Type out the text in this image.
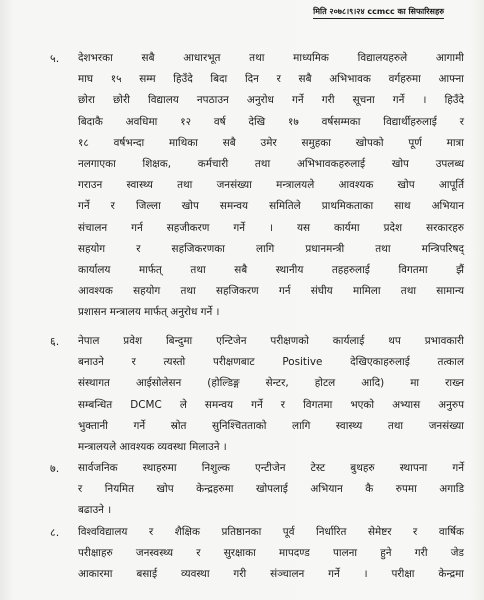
मिति २०७८।९।२४ ccmcc का सिफारिसहरु
५. देशभरका सबै आधारभूत तथा माध्यमिक विद्यालयहरुले आगामी

माघ १५ सम्म हिउँदे बिदा दिन र सबै अभिभावक वर्गहरुमा आफ्ना

छोरा छोरी विद्यालय नपठाउन अनुरोध गर्ने गरी सूचना गर्ने । हिउँदे

बिदाकै अवधिमा १२ वर्ष देखि १७ वर्षसम्मका विद्यार्थीहरुलाई र

१८ वर्षभन्दा माथिका सबै उमेर समुहका खोपको पूर्ण मात्रा

नलगाएका शिक्षक, कर्मचारी तथा अभिभावकहरुलाई खोप उपलब्ध

गराउन स्वास्थ्य तथा जनसंख्या मन्त्रालयले आवश्यक खोप आपूर्ति

गर्ने र जिल्ला खोप समन्वय समितिले प्राथमिकताका साथ अभियान

संचालन गर्न सहजीकरण गर्ने । यस कार्यमा प्रदेश सरकारहरु

सहयोग र सहजिकरणका लागि प्रधानमन्त्री तथा मन्त्रिपरिषद्

कार्यालय मार्फत् तथा सबै स्थानीय तहहरुलाई विगतमा झैं

आवश्यक सहयोग तथा सहजिकरण गर्न संघीय मामिला तथा सामान्य

प्रशासन मन्त्रालय मार्फत् अनुरोध गर्ने ।

६. नेपाल प्रवेश बिन्दुमा एन्टिजेन परीक्षणको कार्यलाई थप प्रभावकारी

बनाउने र त्यस्तो परीक्षणबाट Positive देखिएकाहरुलाई तत्काल

संस्थागत आईसोलेसन (होल्डिङ्ग सेन्टर, होटल आदि) मा राख्न

सम्बन्धित DCMC ले समन्वय गर्ने र विगतमा भएको अभ्यास अनुरुप

भुक्तानी गर्ने स्रोत सुनिश्चितताको लागि स्वास्थ्य तथा जनसंख्या

मन्त्रालयले आवश्यक व्यवस्था मिलाउने ।

७. सार्वजनिक स्थाहरुमा निशुल्क एन्टीजेन टेस्ट बुथहरु स्थापना गर्ने

र नियमित खोप केन्द्रहरुमा खोपलाई अभियान कै रुपमा अगाडि

बढाउने ।

८. विश्वविद्यालय र शैक्षिक प्रतिष्ठानका पूर्व निर्धारित सेमेष्टर र वार्षिक

परीक्षाहरु जनस्वस्थ्य र सुरक्षाका मापदण्ड पालना हुने गरी जेड

आकारमा बसाई व्यवस्था गरी संञ्चालन गर्ने । परीक्षा केन्द्रमा
